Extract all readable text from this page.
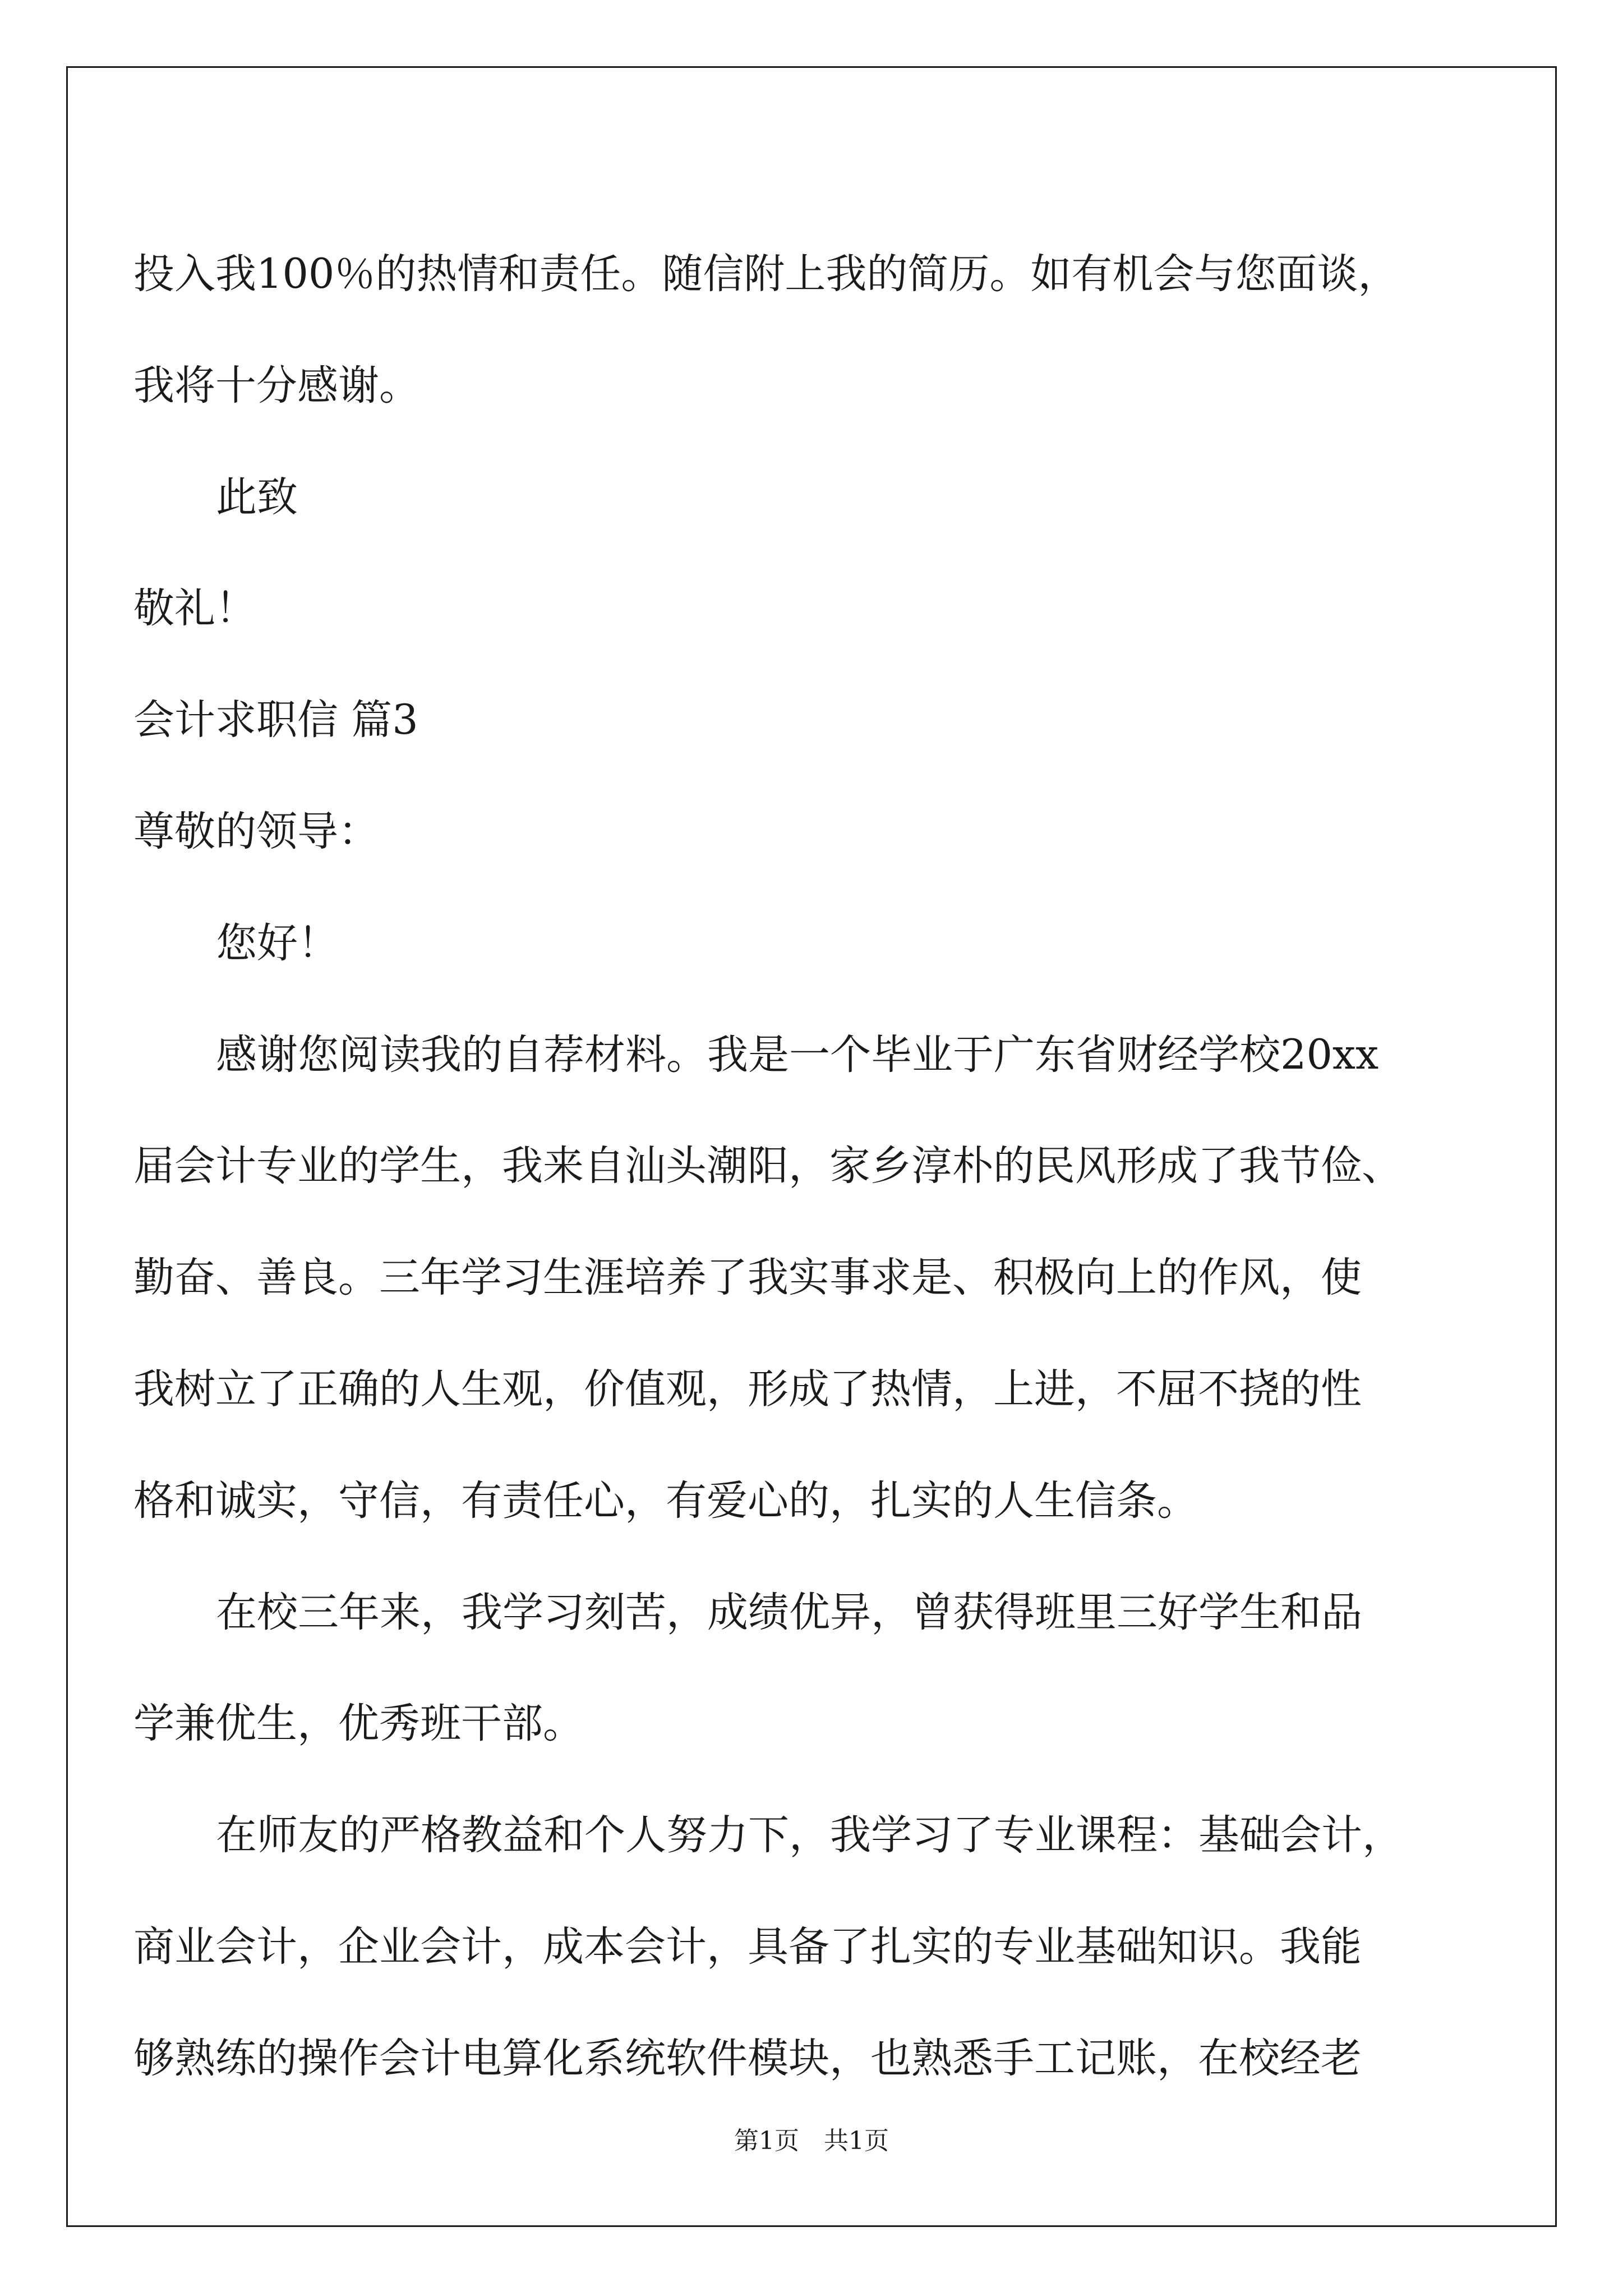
投入我100％的热情和责任。随信附上我的简历。如有机会与您面谈，
我将十分感谢。
此致
敬礼！
会计求职信 篇3
尊敬的领导：
您好！
感谢您阅读我的自荐材料。我是一个毕业于广东省财经学校20xx
届会计专业的学生，我来自汕头潮阳，家乡淳朴的民风形成了我节俭、
勤奋、善良。三年学习生涯培养了我实事求是、积极向上的作风，使
我树立了正确的人生观，价值观，形成了热情，上进，不屈不挠的性
格和诚实，守信，有责任心，有爱心的，扎实的人生信条。
在校三年来，我学习刻苦，成绩优异，曾获得班里三好学生和品
学兼优生，优秀班干部。
在师友的严格教益和个人努力下，我学习了专业课程：基础会计，
商业会计，企业会计，成本会计，具备了扎实的专业基础知识。我能
够熟练的操作会计电算化系统软件模块，也熟悉手工记账，在校经老
第1页　共1页
